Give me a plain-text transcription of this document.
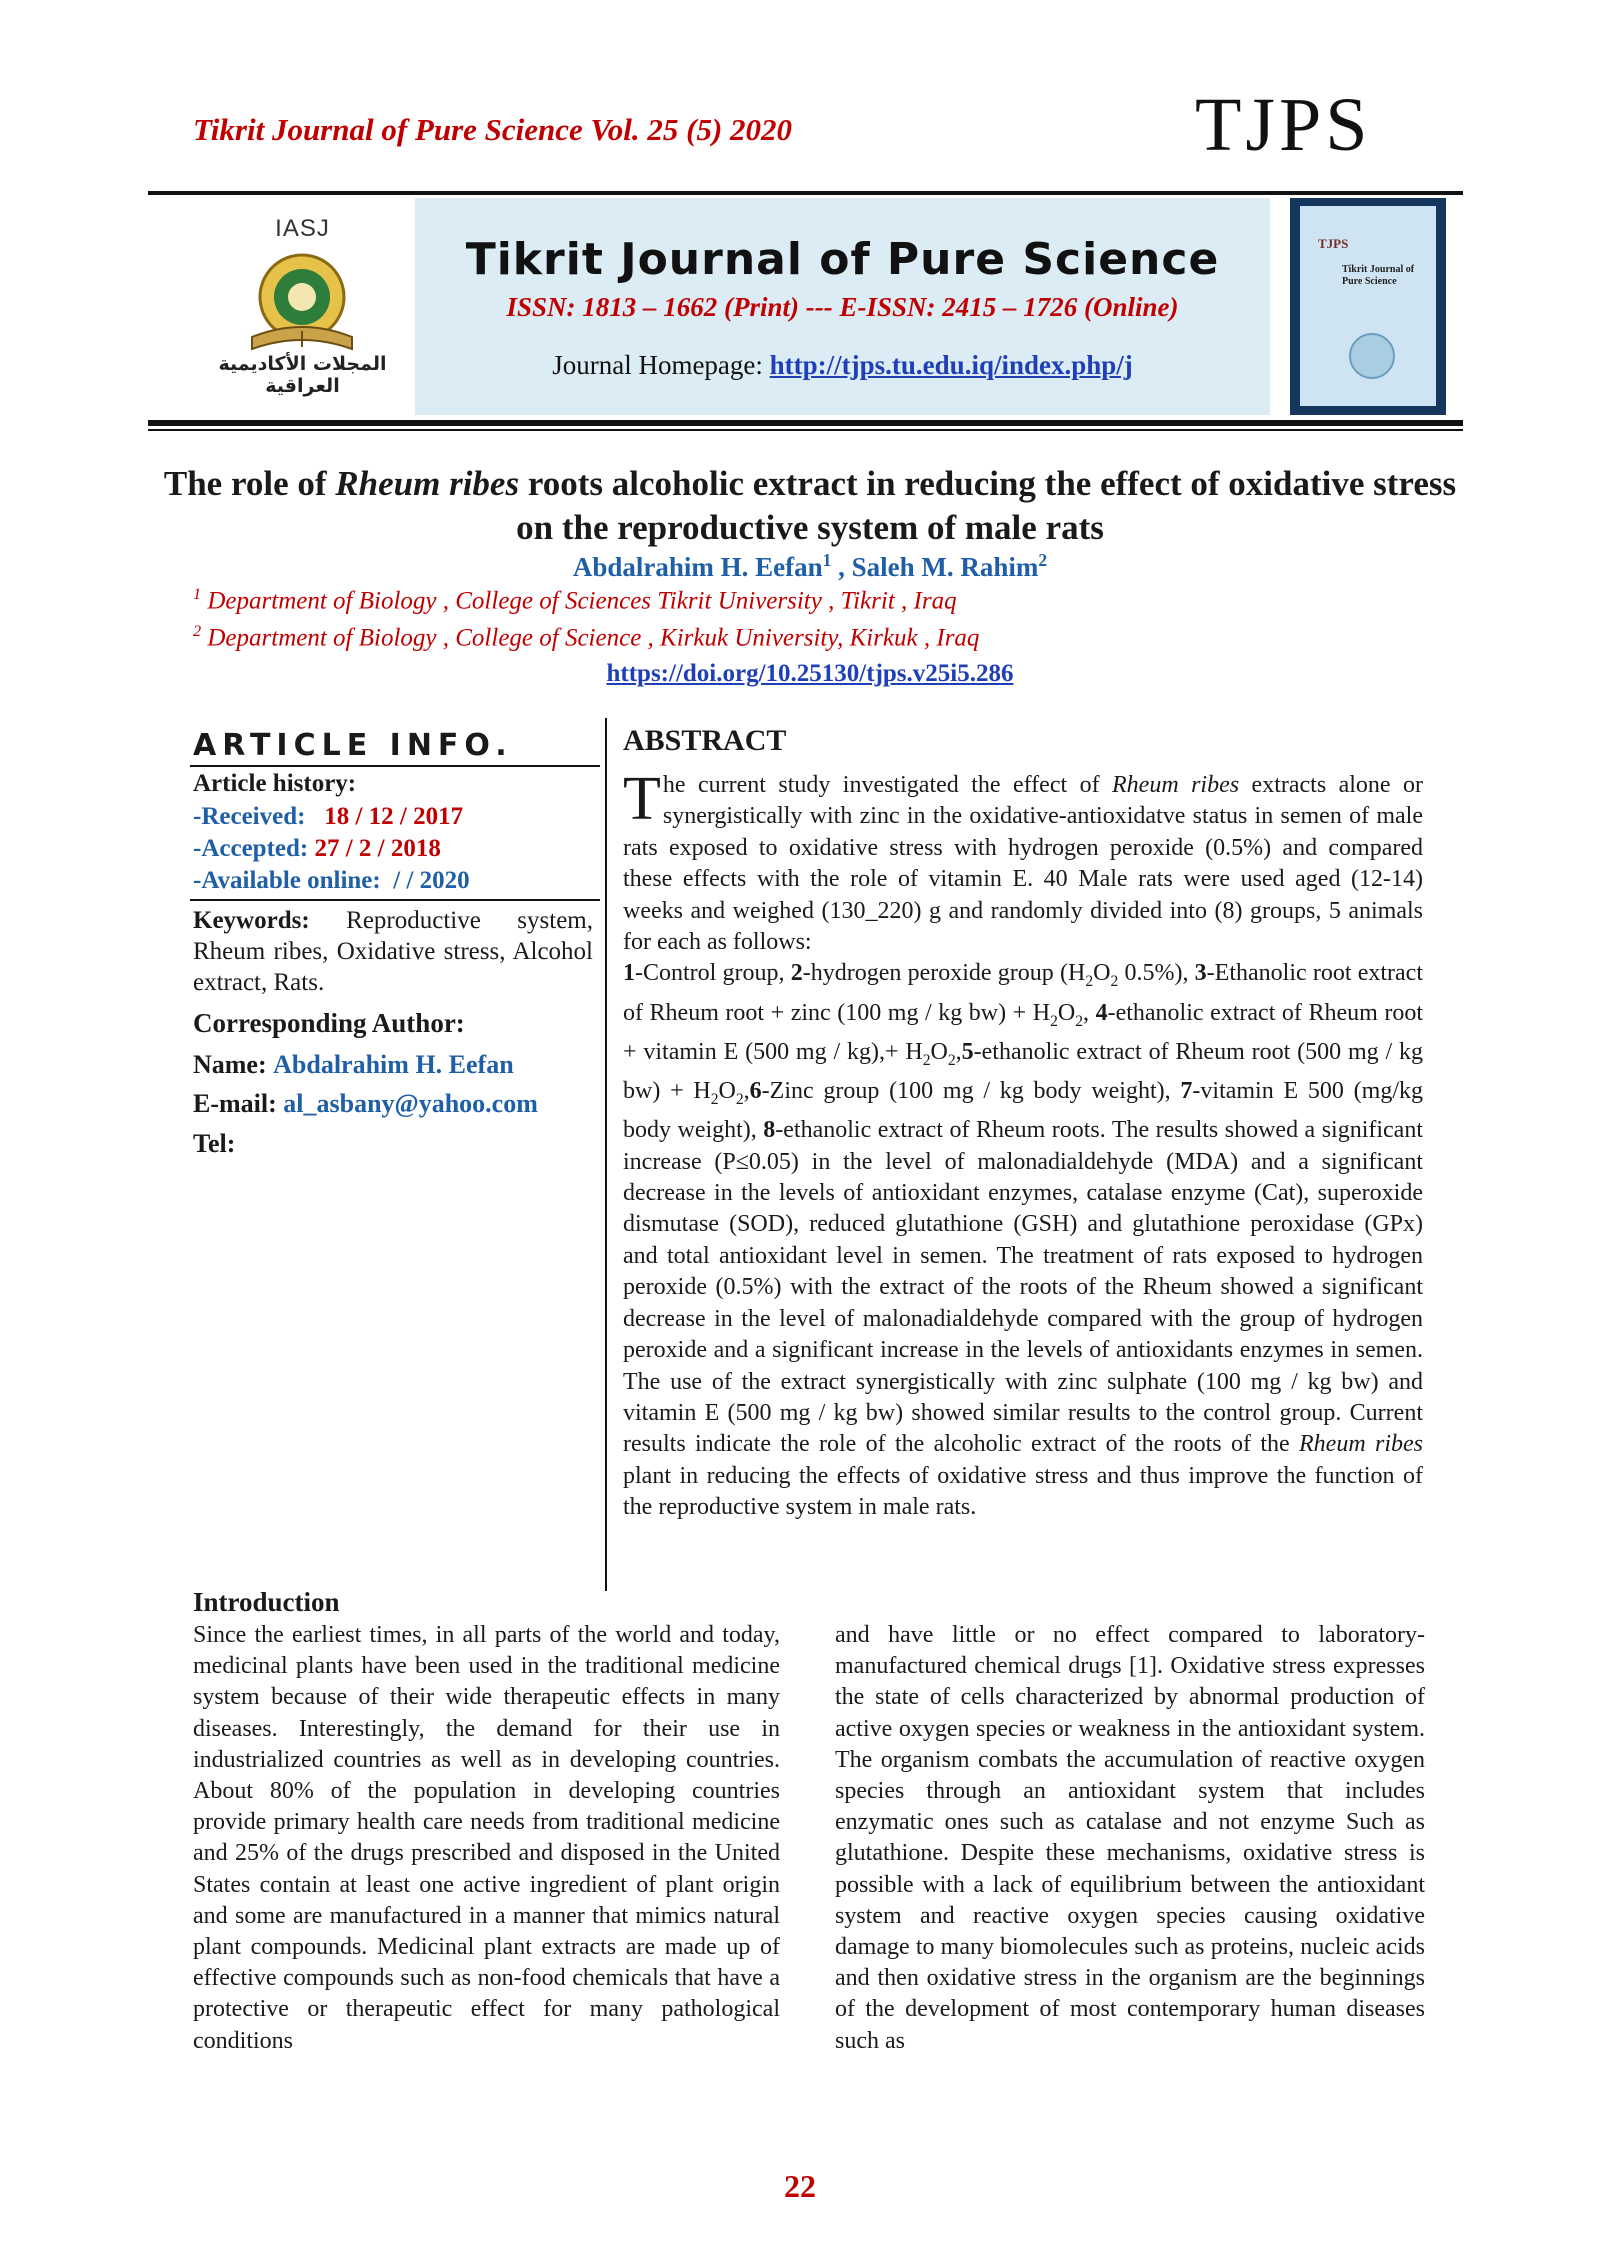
Tikrit Journal of Pure Science Vol. 25 (5) 2020	TJPS
IASJ
المجلات الأكاديمية العراقية
Tikrit Journal of Pure Science
ISSN: 1813 – 1662 (Print) --- E-ISSN: 2415 – 1726 (Online)
Journal Homepage: http://tjps.tu.edu.iq/index.php/j
TJPS
Tikrit Journal of Pure Science
The role of Rheum ribes roots alcoholic extract in reducing the effect of oxidative stress on the reproductive system of male rats
Abdalrahim H. Eefan$^1$ , Saleh M. Rahim$^2$
$^1$ Department of Biology , College of Sciences Tikrit University , Tikrit , Iraq
$^2$ Department of Biology , College of Science , Kirkuk University, Kirkuk , Iraq
https://doi.org/10.25130/tjps.v25i5.286
ARTICLE INFO.
Article history:
-Received: 18 / 12 / 2017
-Accepted: 27 / 2 / 2018
-Available online: / / 2020
Keywords: Reproductive system, Rheum ribes, Oxidative stress, Alcohol extract, Rats.
Corresponding Author:
Name: Abdalrahim H. Eefan
E-mail: al_asbany@yahoo.com
Tel:
ABSTRACT
The current study investigated the effect of Rheum ribes extracts alone or synergistically with zinc in the oxidative-antioxidatve status in semen of male rats exposed to oxidative stress with hydrogen peroxide (0.5%) and compared these effects with the role of vitamin E. 40 Male rats were used aged (12-14) weeks and weighed (130_220) g and randomly divided into (8) groups, 5 animals for each as follows:
1-Control group, 2-hydrogen peroxide group ($H_2O_2$ 0.5%), 3-Ethanolic root extract of Rheum root + zinc (100 mg / kg $bw) + H_2O_2$, 4-ethanolic extract of Rheum root + vitamin E (500 mg / $kg),+ H_2O_2,5$-ethanolic extract of Rheum root (500 mg / kg $bw) + H_2O_2,6$-Zinc group (100 mg / kg body weight), 7-vitamin E 500 (mg/kg body weight), 8-ethanolic extract of Rheum roots. The results showed a significant increase (P≤0.05) in the level of malonadialdehyde (MDA) and a significant decrease in the levels of antioxidant enzymes, catalase enzyme (Cat), superoxide dismutase (SOD), reduced glutathione (GSH) and glutathione peroxidase (GPx) and total antioxidant level in semen. The treatment of rats exposed to hydrogen peroxide (0.5%) with the extract of the roots of the Rheum showed a significant decrease in the level of malonadialdehyde compared with the group of hydrogen peroxide and a significant increase in the levels of antioxidants enzymes in semen. The use of the extract synergistically with zinc sulphate (100 mg / kg bw) and vitamin E (500 mg / kg bw) showed similar results to the control group. Current results indicate the role of the alcoholic extract of the roots of the Rheum ribes plant in reducing the effects of oxidative stress and thus improve the function of the reproductive system in male rats.
Introduction
Since the earliest times, in all parts of the world and today, medicinal plants have been used in the traditional medicine system because of their wide therapeutic effects in many diseases. Interestingly, the demand for their use in industrialized countries as well as in developing countries. About 80% of the population in developing countries provide primary health care needs from traditional medicine and 25% of the drugs prescribed and disposed in the United States contain at least one active ingredient of plant origin and some are manufactured in a manner that mimics natural plant compounds. Medicinal plant extracts are made up of effective compounds such as non-food chemicals that have a protective or therapeutic effect for many pathological conditions
and have little or no effect compared to laboratory-manufactured chemical drugs [1]. Oxidative stress expresses the state of cells characterized by abnormal production of active oxygen species or weakness in the antioxidant system. The organism combats the accumulation of reactive oxygen species through an antioxidant system that includes enzymatic ones such as catalase and not enzyme Such as glutathione. Despite these mechanisms, oxidative stress is possible with a lack of equilibrium between the antioxidant system and reactive oxygen species causing oxidative damage to many biomolecules such as proteins, nucleic acids and then oxidative stress in the organism are the beginnings of the development of most contemporary human diseases such as
22
